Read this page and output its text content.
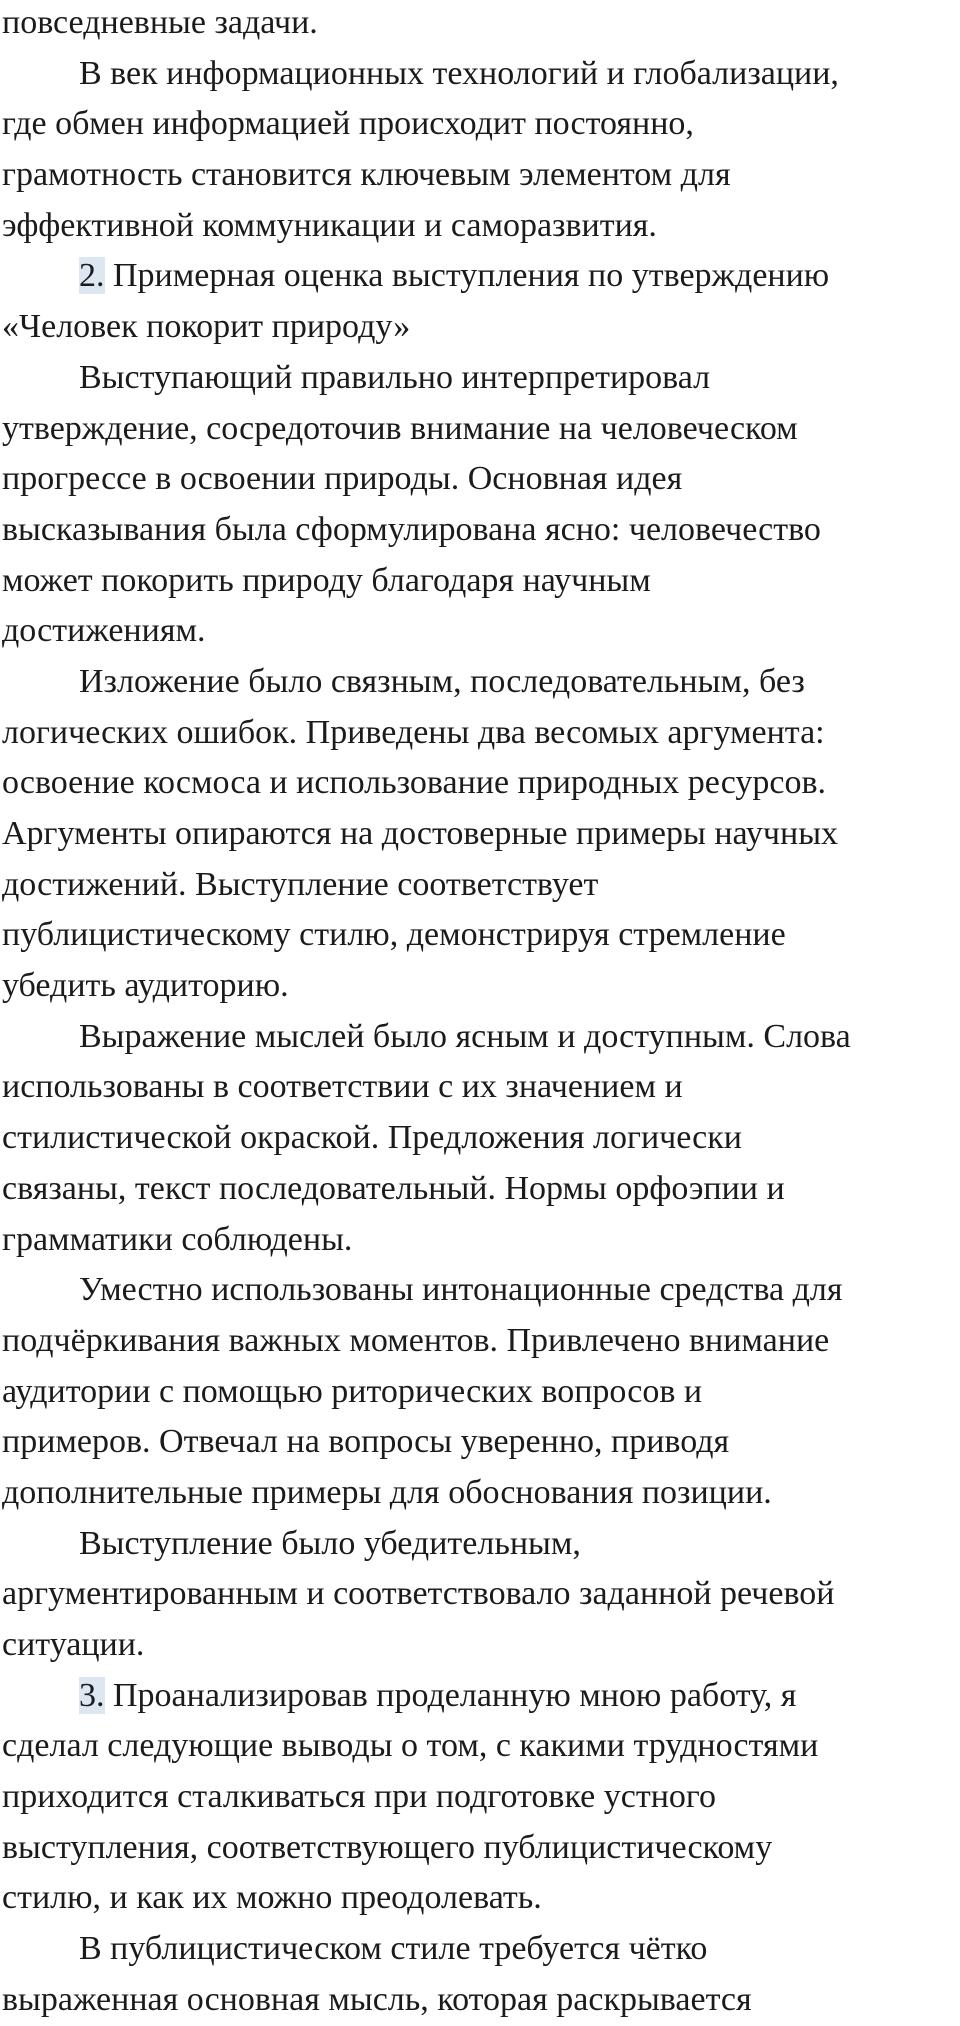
повседневные задачи.
В век информационных технологий и глобализации,
где обмен информацией происходит постоянно,
грамотность становится ключевым элементом для
эффективной коммуникации и саморазвития.
2. Примерная оценка выступления по утверждению
«Человек покорит природу»
Выступающий правильно интерпретировал
утверждение, сосредоточив внимание на человеческом
прогрессе в освоении природы. Основная идея
высказывания была сформулирована ясно: человечество
может покорить природу благодаря научным
достижениям.
Изложение было связным, последовательным, без
логических ошибок. Приведены два весомых аргумента:
освоение космоса и использование природных ресурсов.
Аргументы опираются на достоверные примеры научных
достижений. Выступление соответствует
публицистическому стилю, демонстрируя стремление
убедить аудиторию.
Выражение мыслей было ясным и доступным. Слова
использованы в соответствии с их значением и
стилистической окраской. Предложения логически
связаны, текст последовательный. Нормы орфоэпии и
грамматики соблюдены.
Уместно использованы интонационные средства для
подчёркивания важных моментов. Привлечено внимание
аудитории с помощью риторических вопросов и
примеров. Отвечал на вопросы уверенно, приводя
дополнительные примеры для обоснования позиции.
Выступление было убедительным,
аргументированным и соответствовало заданной речевой
ситуации.
3. Проанализировав проделанную мною работу, я
сделал следующие выводы о том, с какими трудностями
приходится сталкиваться при подготовке устного
выступления, соответствующего публицистическому
стилю, и как их можно преодолевать.
В публицистическом стиле требуется чётко
выраженная основная мысль, которая раскрывается
